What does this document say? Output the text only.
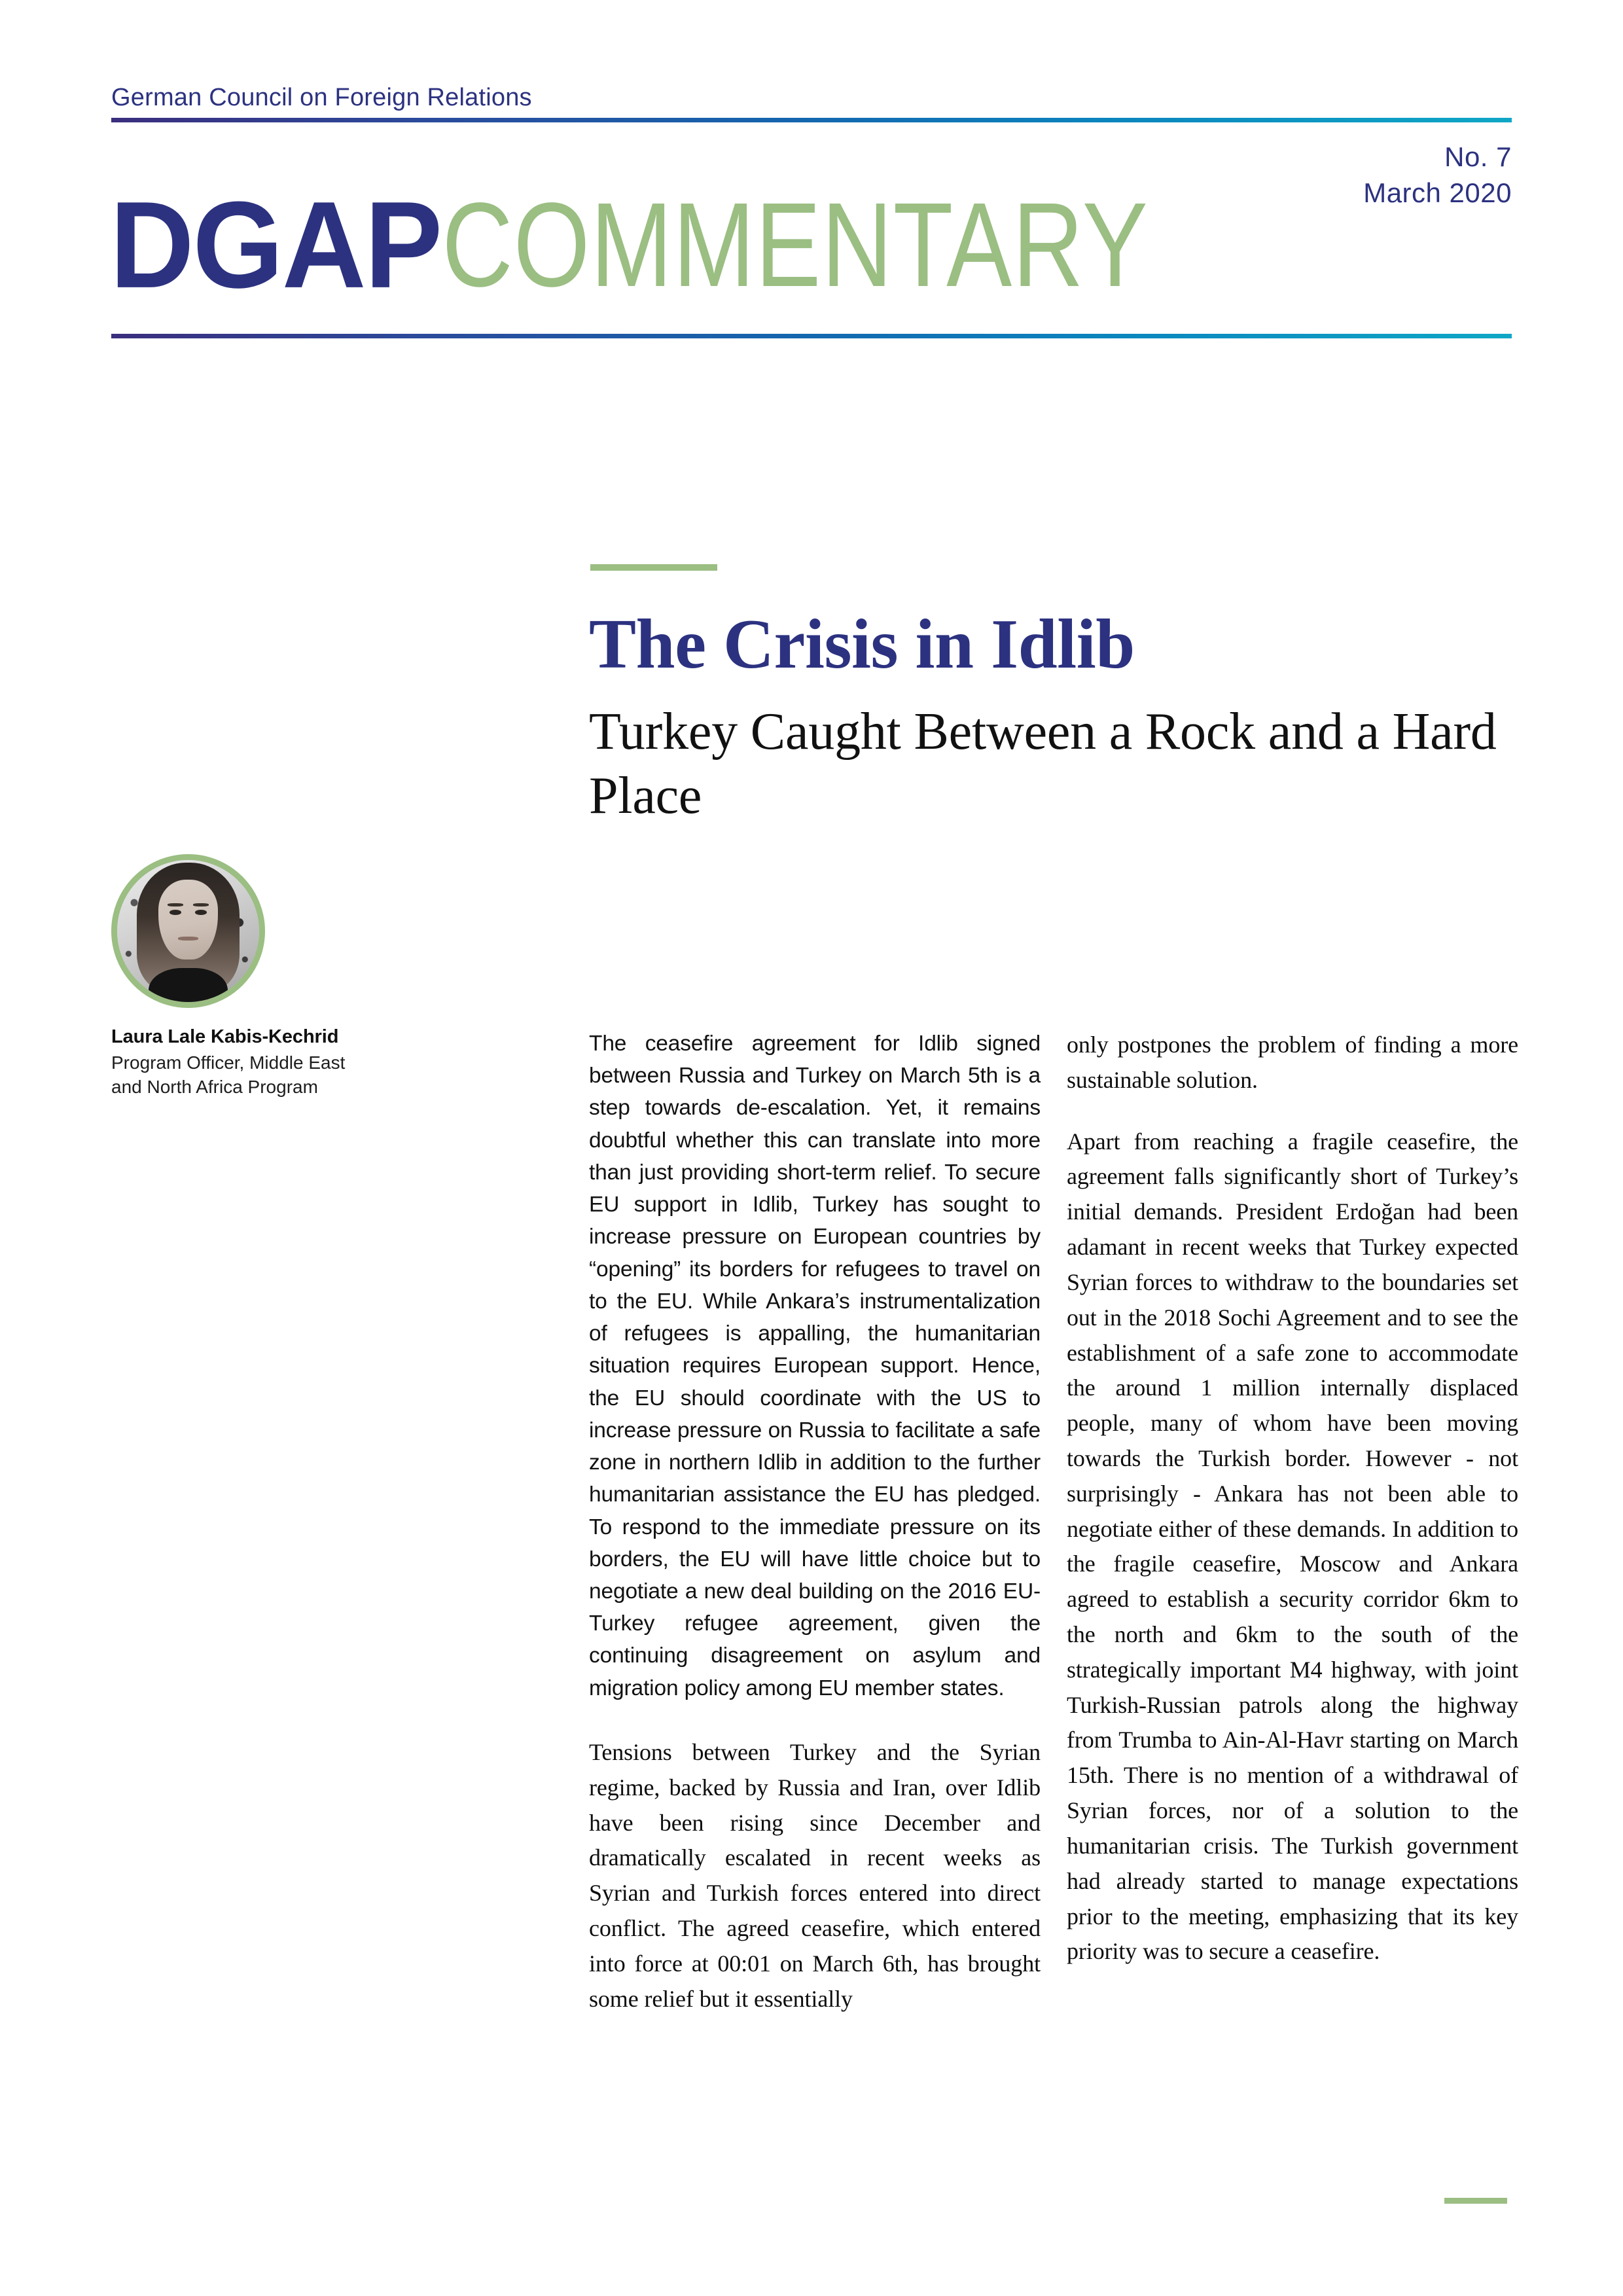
German Council on Foreign Relations
No. 7
March 2020
DGAP COMMENTARY
The Crisis in Idlib
Turkey Caught Between a Rock and a Hard Place
Laura Lale Kabis-Kechrid
Program Officer, Middle East
and North Africa Program

The ceasefire agreement for Idlib signed between Russia and Turkey on March 5th is a step towards de-escalation. Yet, it remains doubtful whether this can translate into more than just providing short-term relief. To secure EU support in Idlib, Turkey has sought to increase pressure on European countries by “opening” its borders for refugees to travel on to the EU. While Ankara’s instrumentalization of refugees is appalling, the humanitarian situation requires European support. Hence, the EU should coordinate with the US to increase pressure on Russia to facilitate a safe zone in northern Idlib in addition to the further humanitarian assistance the EU has pledged. To respond to the immediate pressure on its borders, the EU will have little choice but to negotiate a new deal building on the 2016 EU-Turkey refugee agreement, given the continuing disagreement on asylum and migration policy among EU member states.

Tensions between Turkey and the Syrian regime, backed by Russia and Iran, over Idlib have been rising since December and dramatically escalated in recent weeks as Syrian and Turkish forces entered into direct conflict. The agreed ceasefire, which entered into force at 00:01 on March 6th, has brought some relief but it essentially

only postpones the problem of finding a more sustainable solution.

Apart from reaching a fragile ceasefire, the agreement falls significantly short of Turkey’s initial demands. President Erdoğan had been adamant in recent weeks that Turkey expected Syrian forces to withdraw to the boundaries set out in the 2018 Sochi Agreement and to see the establishment of a safe zone to accommodate the around 1 million internally displaced people, many of whom have been moving towards the Turkish border. However - not surprisingly - Ankara has not been able to negotiate either of these demands. In addition to the fragile ceasefire, Moscow and Ankara agreed to establish a security corridor 6km to the north and 6km to the south of the strategically important M4 highway, with joint Turkish-Russian patrols along the highway from Trumba to Ain-Al-Havr starting on March 15th. There is no mention of a withdrawal of Syrian forces, nor of a solution to the humanitarian crisis. The Turkish government had already started to manage expectations prior to the meeting, emphasizing that its key priority was to secure a ceasefire.
